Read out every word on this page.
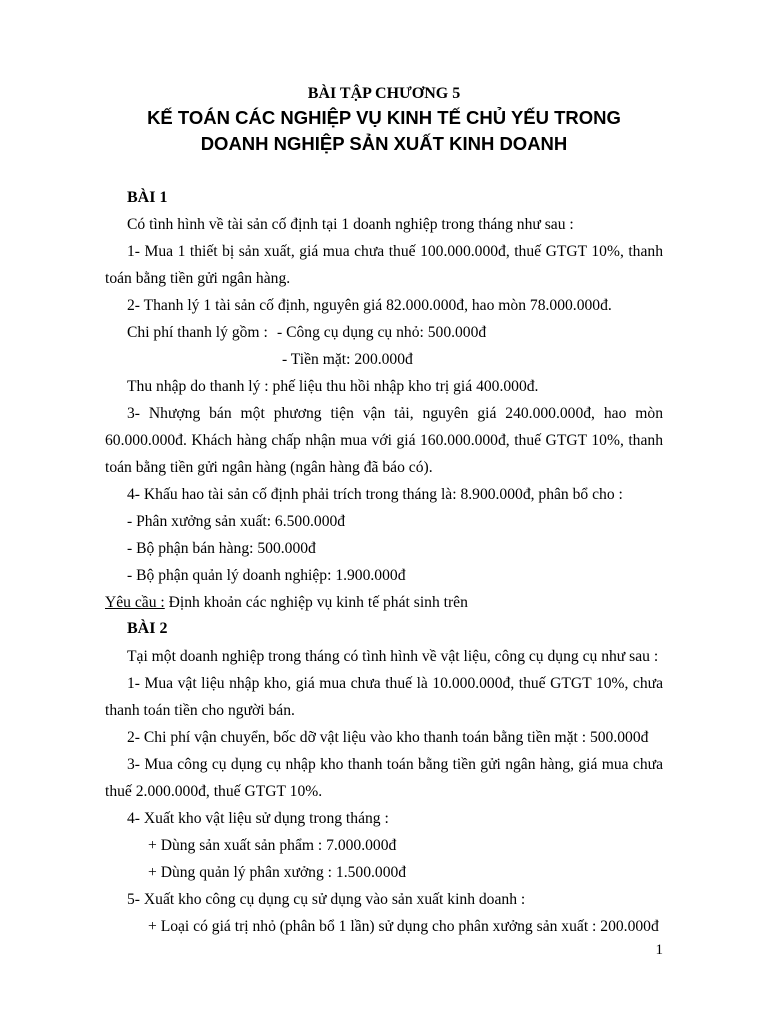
BÀI TẬP CHƯƠNG 5
KẾ TOÁN CÁC NGHIỆP VỤ KINH TẾ CHỦ YẾU TRONG
DOANH NGHIỆP SẢN XUẤT KINH DOANH
BÀI 1
Có tình hình về tài sản cố định tại 1 doanh nghiệp trong tháng như sau :
1- Mua 1 thiết bị sản xuất, giá mua chưa thuế 100.000.000đ, thuế GTGT 10%, thanh
toán bằng tiền gửi ngân hàng.
2- Thanh lý 1 tài sản cố định, nguyên giá 82.000.000đ, hao mòn 78.000.000đ.
Chi phí thanh lý gồm : - Công cụ dụng cụ nhỏ: 500.000đ
- Tiền mặt: 200.000đ
Thu nhập do thanh lý : phế liệu thu hồi nhập kho trị giá 400.000đ.
3- Nhượng bán một phương tiện vận tải, nguyên giá 240.000.000đ, hao mòn
60.000.000đ. Khách hàng chấp nhận mua với giá 160.000.000đ, thuế GTGT 10%, thanh
toán bằng tiền gửi ngân hàng (ngân hàng đã báo có).
4- Khấu hao tài sản cố định phải trích trong tháng là: 8.900.000đ, phân bổ cho :
- Phân xưởng sản xuất: 6.500.000đ
- Bộ phận bán hàng: 500.000đ
- Bộ phận quản lý doanh nghiệp: 1.900.000đ
Yêu cầu : Định khoản các nghiệp vụ kinh tế phát sinh trên
BÀI 2
Tại một doanh nghiệp trong tháng có tình hình về vật liệu, công cụ dụng cụ như sau :
1- Mua vật liệu nhập kho, giá mua chưa thuế là 10.000.000đ, thuế GTGT 10%, chưa
thanh toán tiền cho người bán.
2- Chi phí vận chuyển, bốc dỡ vật liệu vào kho thanh toán bằng tiền mặt : 500.000đ
3- Mua công cụ dụng cụ nhập kho thanh toán bằng tiền gửi ngân hàng, giá mua chưa
thuế 2.000.000đ, thuế GTGT 10%.
4- Xuất kho vật liệu sử dụng trong tháng :
+ Dùng sản xuất sản phẩm : 7.000.000đ
+ Dùng quản lý phân xưởng : 1.500.000đ
5- Xuất kho công cụ dụng cụ sử dụng vào sản xuất kinh doanh :
+ Loại có giá trị nhỏ (phân bổ 1 lần) sử dụng cho phân xưởng sản xuất : 200.000đ
1
